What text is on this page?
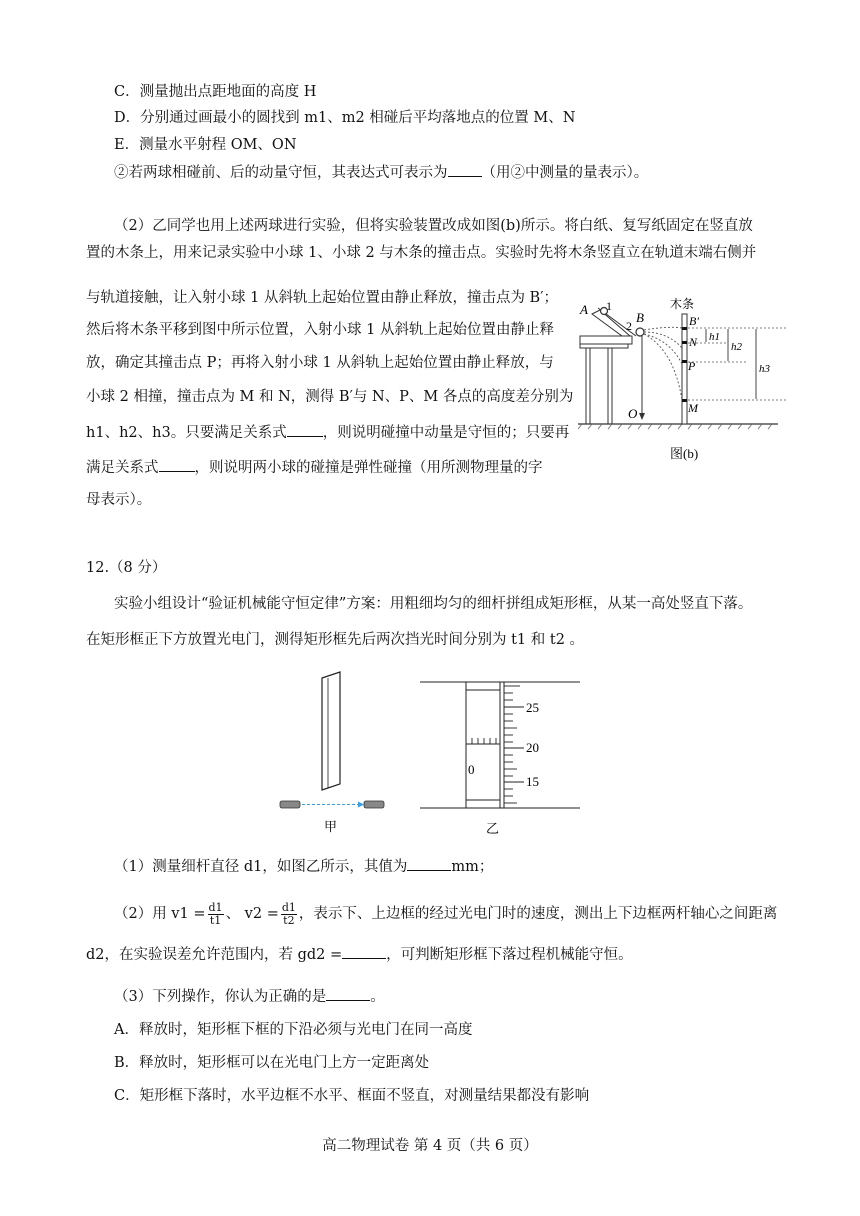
C．测量抛出点距地面的高度 H
D．分别通过画最小的圆找到 m1、m2 相碰后平均落地点的位置 M、N
E．测量水平射程 OM、ON
②若两球相碰前、后的动量守恒，其表达式可表示为 （用②中测量的量表示）。
（2）乙同学也用上述两球进行实验，但将实验装置改成如图(b)所示。将白纸、复写纸固定在竖直放
置的木条上，用来记录实验中小球 1、小球 2 与木条的撞击点。实验时先将木条竖直立在轨道末端右侧并
与轨道接触，让入射小球 1 从斜轨上起始位置由静止释放，撞击点为 B′；
然后将木条平移到图中所示位置，入射小球 1 从斜轨上起始位置由静止释
放，确定其撞击点 P；再将入射小球 1 从斜轨上起始位置由静止释放，与
小球 2 相撞，撞击点为 M 和 N，测得 B′与 N、P、M 各点的高度差分别为
h1、h2、h3。只要满足关系式 ，则说明碰撞中动量是守恒的；只要再
满足关系式 ，则说明两小球的碰撞是弹性碰撞（用所测物理量的字
母表示）。
A 1
2
B
木条
B′
N
P
M
O
h1
h2
h3
图(b)
12.（8 分）
实验小组设计“验证机械能守恒定律”方案：用粗细均匀的细杆拼组成矩形框，从某一高处竖直下落。
在矩形框正下方放置光电门，测得矩形框先后两次挡光时间分别为 t1 和 t2 。
甲
25
20
15
0
乙
（1）测量细杆直径 d1，如图乙所示，其值为	mm；
（2）用 $v1 = \frac{d1}{t1}$ 、 $v2 = \frac{d1}{t2}$ ，表示下、上边框的经过光电门时的速度，测出上下边框两杆轴心之间距离
d2，在实验误差允许范围内，若 gd2 =	，可判断矩形框下落过程机械能守恒。
（3）下列操作，你认为正确的是	。
A．释放时，矩形框下框的下沿必须与光电门在同一高度
B．释放时，矩形框可以在光电门上方一定距离处
C．矩形框下落时，水平边框不水平、框面不竖直，对测量结果都没有影响
高二物理试卷 第 4 页（共 6 页）
